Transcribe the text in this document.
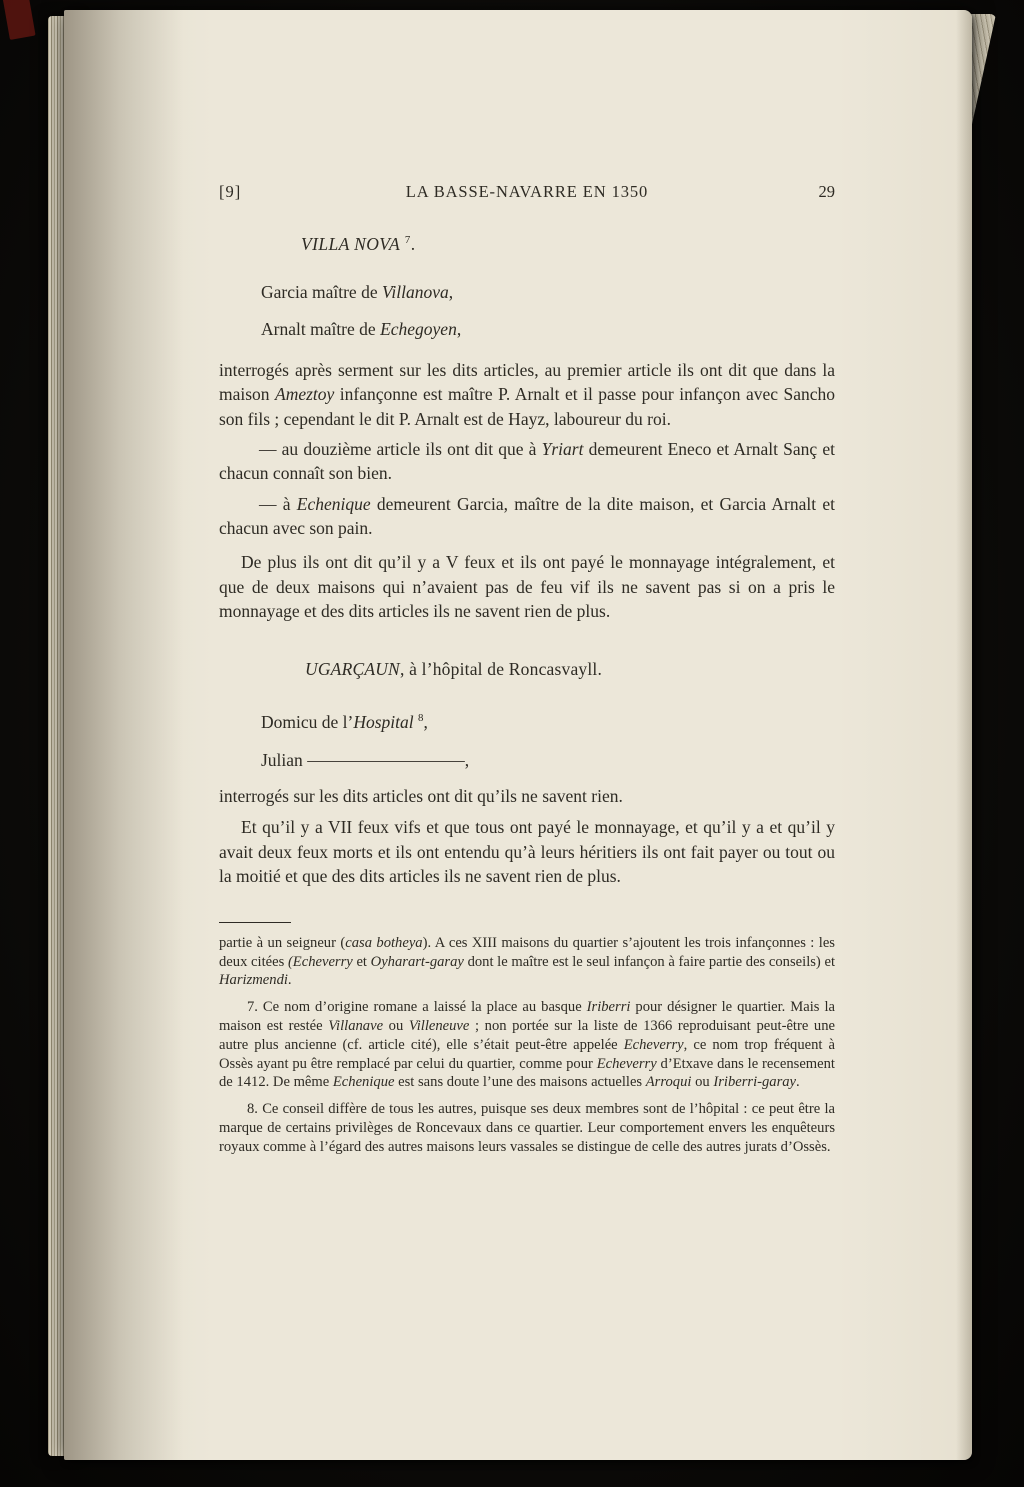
[9]	LA BASSE-NAVARRE EN 1350	29

VILLA NOVA $^7$.

Garcia maître de Villanova,

Arnalt maître de Echegoyen,

interrogés après serment sur les dits articles, au premier article ils ont dit que dans la maison Ameztoy infançonne est maître P. Arnalt et il passe pour infançon avec Sancho son fils ; cependant le dit P. Arnalt est de Hayz, laboureur du roi.

— au douzième article ils ont dit que à Yriart demeurent Eneco et Arnalt Sanç et chacun connaît son bien.

— à Echenique demeurent Garcia, maître de la dite maison, et Garcia Arnalt et chacun avec son pain.

De plus ils ont dit qu’il y a V feux et ils ont payé le monnayage intégralement, et que de deux maisons qui n’avaient pas de feu vif ils ne savent pas si on a pris le monnayage et des dits articles ils ne savent rien de plus.

UGARÇAUN, à l’hôpital de Roncasvayll.

Domicu de l’Hospital $^8$,

Julian —————————,

interrogés sur les dits articles ont dit qu’ils ne savent rien.

Et qu’il y a VII feux vifs et que tous ont payé le monnayage, et qu’il y a et qu’il y avait deux feux morts et ils ont entendu qu’à leurs héritiers ils ont fait payer ou tout ou la moitié et que des dits articles ils ne savent rien de plus.

partie à un seigneur (casa botheya). A ces XIII maisons du quartier s’ajoutent les trois infançonnes : les deux citées (Echeverry et Oyharart-garay dont le maître est le seul infançon à faire partie des conseils) et Harizmendi.

7. Ce nom d’origine romane a laissé la place au basque Iriberri pour désigner le quartier. Mais la maison est restée Villanave ou Villeneuve ; non portée sur la liste de 1366 reproduisant peut-être une autre plus ancienne (cf. article cité), elle s’était peut-être appelée Echeverry, ce nom trop fréquent à Ossès ayant pu être remplacé par celui du quartier, comme pour Echeverry d’Etxave dans le recensement de 1412. De même Echenique est sans doute l’une des maisons actuelles Arroqui ou Iriberri-garay.

8. Ce conseil diffère de tous les autres, puisque ses deux membres sont de l’hôpital : ce peut être la marque de certains privilèges de Roncevaux dans ce quartier. Leur comportement envers les enquêteurs royaux comme à l’égard des autres maisons leurs vassales se distingue de celle des autres jurats d’Ossès.
